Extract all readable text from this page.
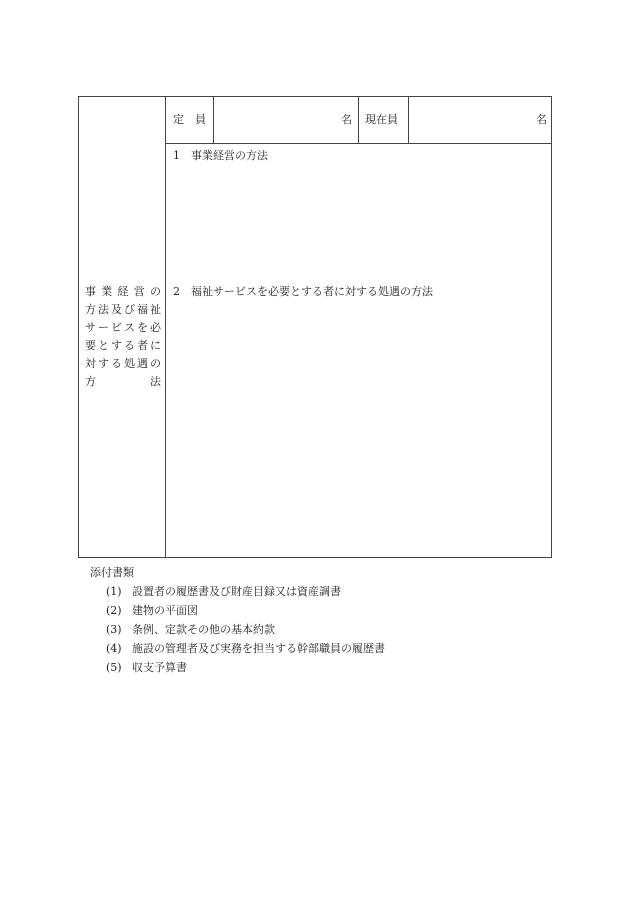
定　員	名 現在員	名
事業経営の
方法及び福祉
サービスを必
要とする者に
対する処遇の
方　　法
1　事業経営の方法
2　福祉サービスを必要とする者に対する処遇の方法
添付書類
(1) 設置者の履歴書及び財産目録又は資産調書
(2) 建物の平面図
(3) 条例、定款その他の基本約款
(4) 施設の管理者及び実務を担当する幹部職員の履歴書
(5) 収支予算書
